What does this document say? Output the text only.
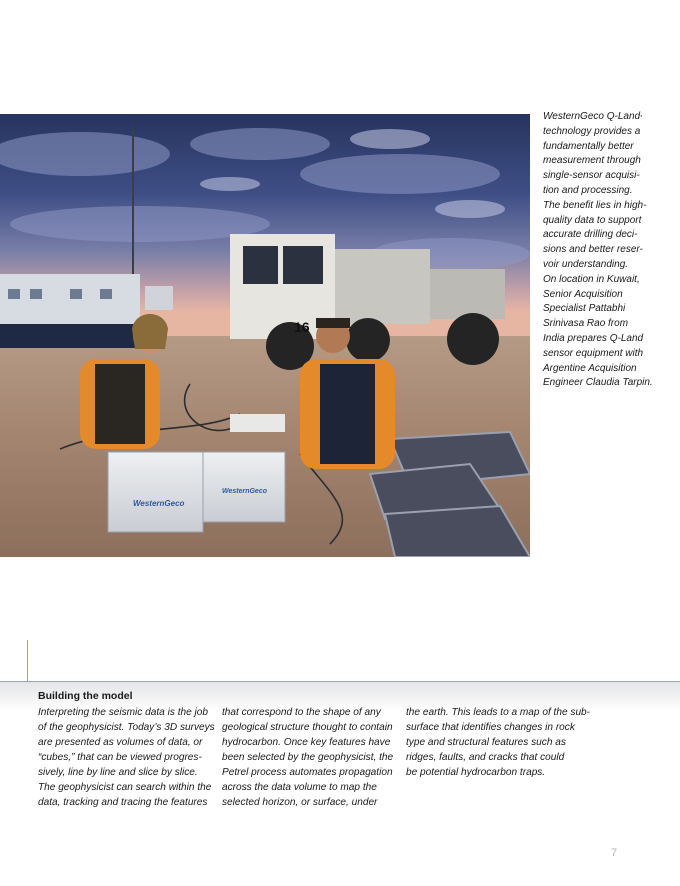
16
WesternGeco
WesternGeco
WesternGeco Q-Land*
technology provides a
fundamentally better
measurement through
single-sensor acquisi-
tion and processing.
The benefit lies in high-
quality data to support
accurate drilling deci-
sions and better reser-
voir understanding.
On location in Kuwait,
Senior Acquisition
Specialist Pattabhi
Srinivasa Rao from
India prepares Q-Land
sensor equipment with
Argentine Acquisition
Engineer Claudia Tarpin.
Building the model
Interpreting the seismic data is the job
of the geophysicist. Today’s 3D surveys
are presented as volumes of data, or
“cubes,” that can be viewed progres-
sively, line by line and slice by slice.
The geophysicist can search within the
data, tracking and tracing the features
that correspond to the shape of any
geological structure thought to contain
hydrocarbon. Once key features have
been selected by the geophysicist, the
Petrel process automates propagation
across the data volume to map the
selected horizon, or surface, under
the earth. This leads to a map of the sub-
surface that identifies changes in rock
type and structural features such as
ridges, faults, and cracks that could
be potential hydrocarbon traps.
7
